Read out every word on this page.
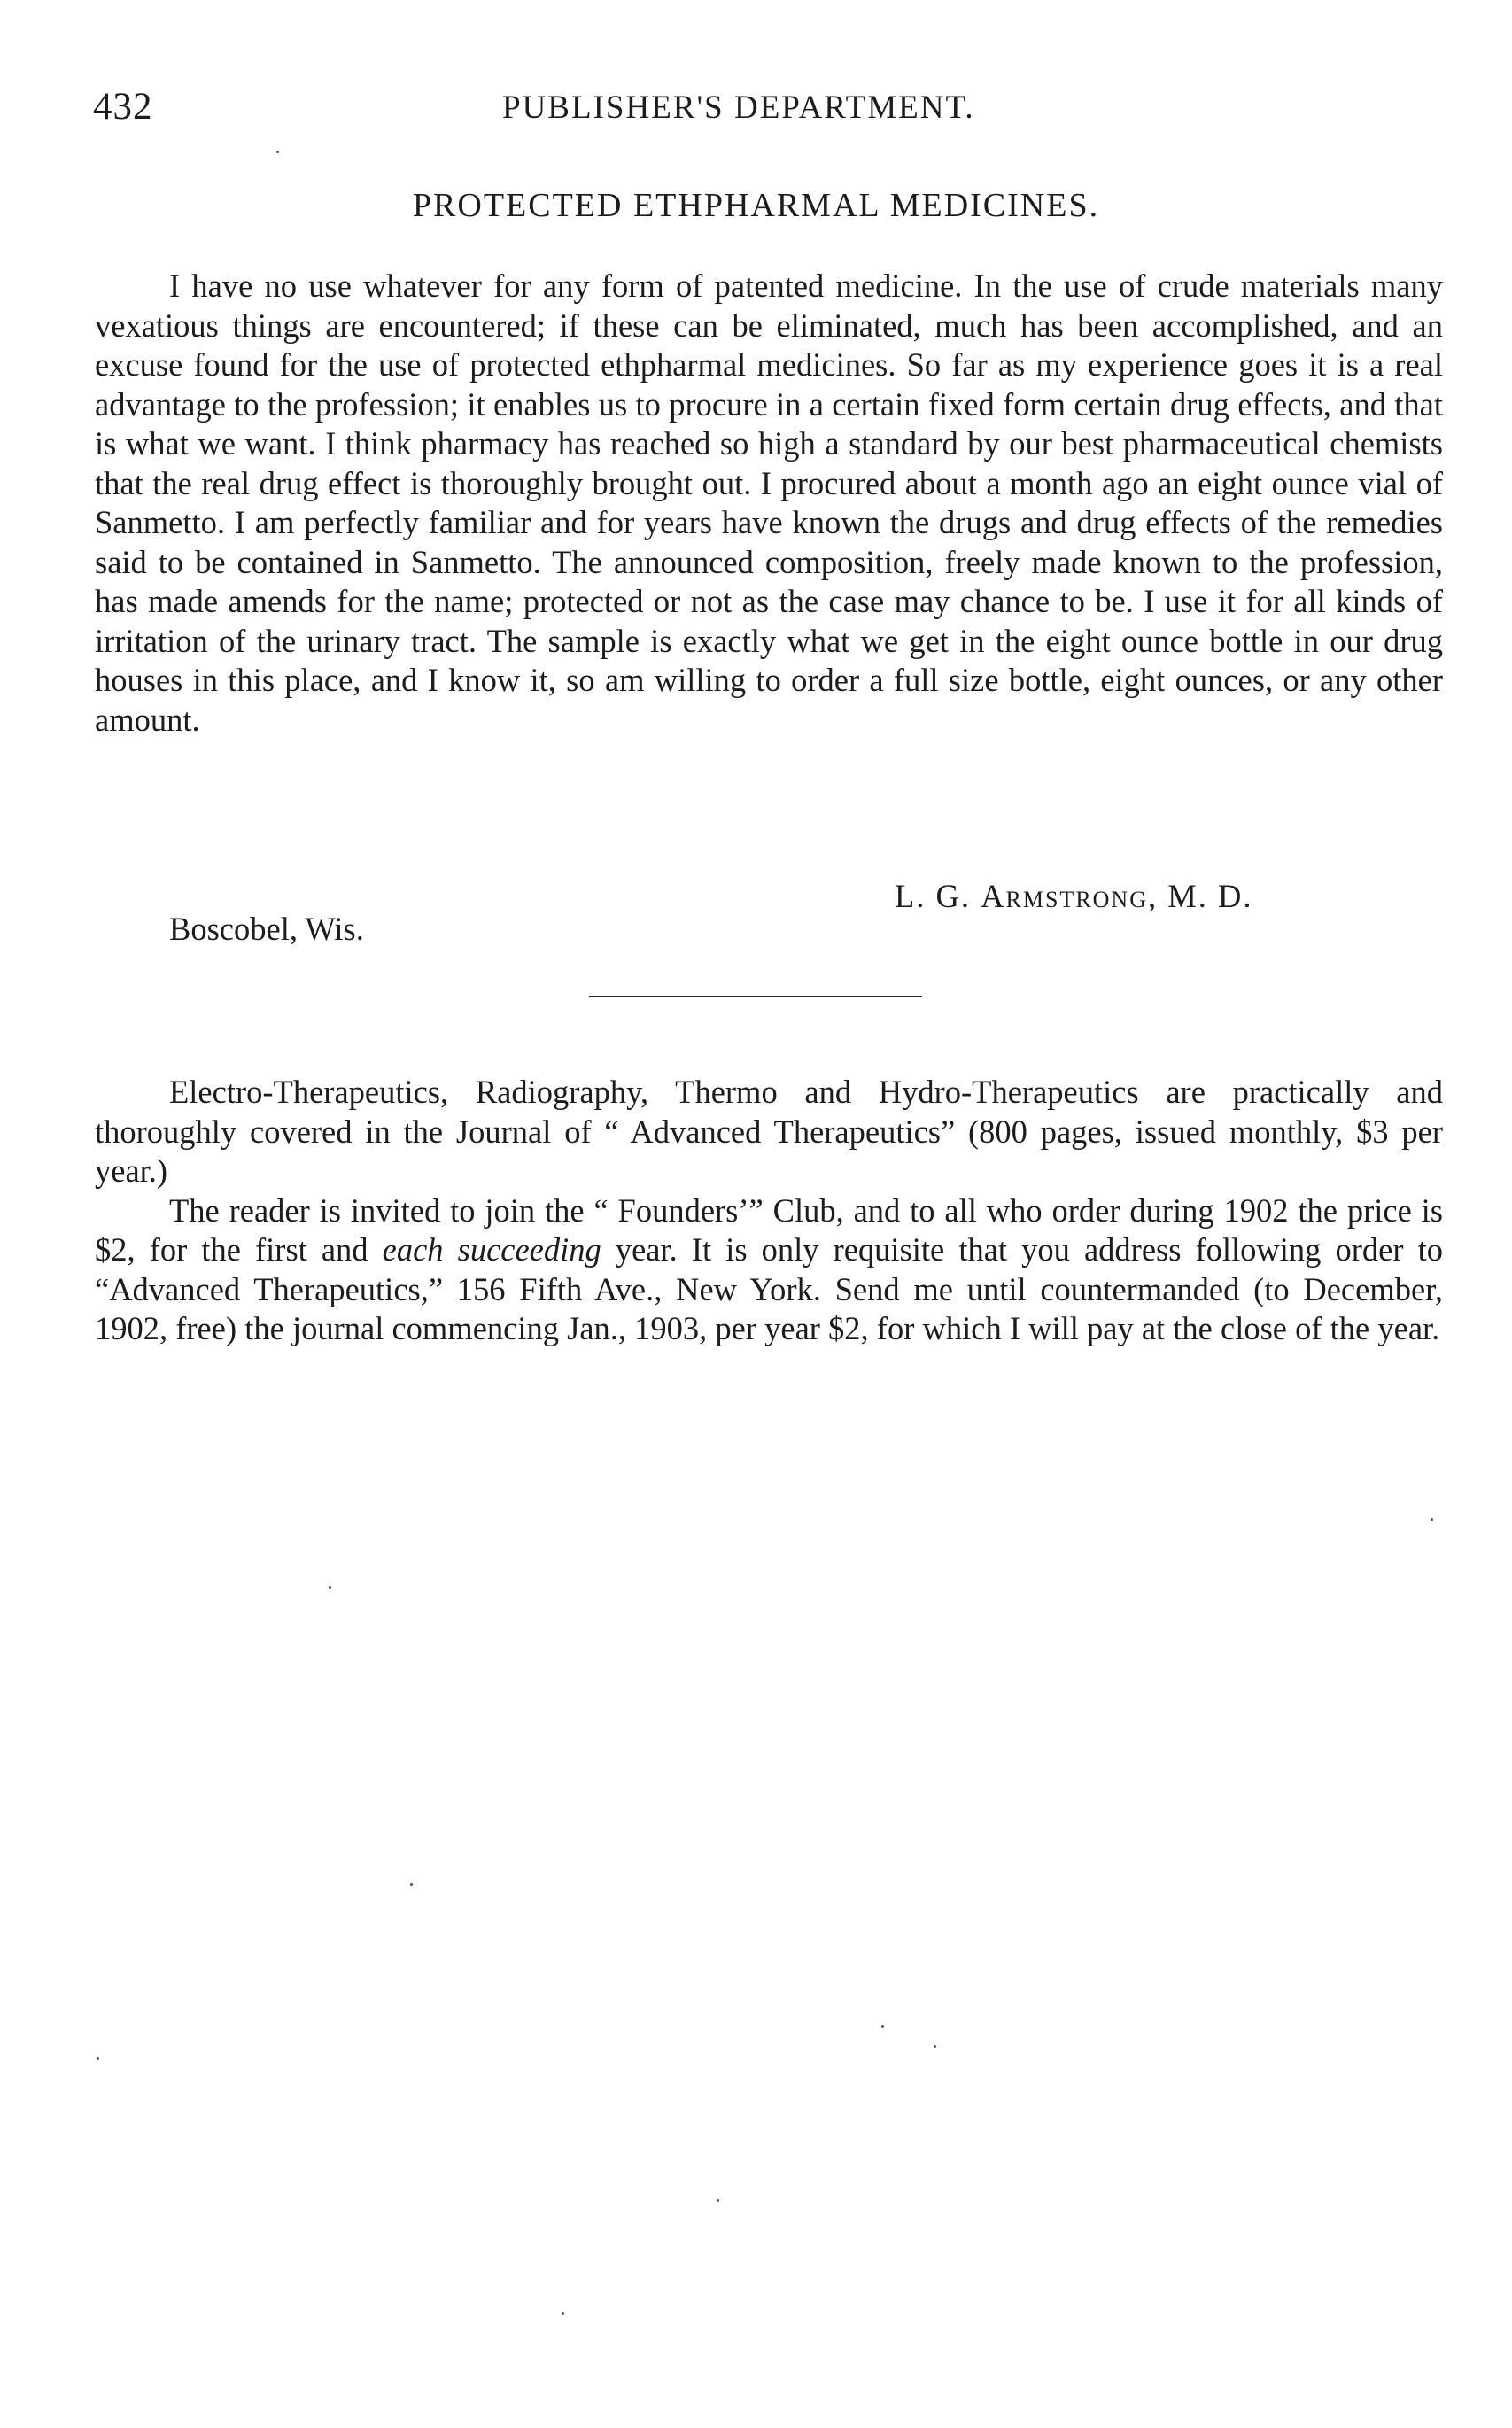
432	PUBLISHER'S DEPARTMENT.
PROTECTED ETHPHARMAL MEDICINES.

I have no use whatever for any form of patented medicine. In the use of crude materials many vexatious things are encountered; if these can be eliminated, much has been accomplished, and an excuse found for the use of protected ethpharmal medicines. So far as my experience goes it is a real advantage to the profession; it enables us to procure in a certain fixed form certain drug effects, and that is what we want. I think pharmacy has reached so high a standard by our best pharmaceutical chemists that the real drug effect is thoroughly brought out. I procured about a month ago an eight ounce vial of Sanmetto. I am perfectly familiar and for years have known the drugs and drug effects of the remedies said to be contained in Sanmetto. The announced composition, freely made known to the profession, has made amends for the name; protected or not as the case may chance to be. I use it for all kinds of irritation of the urinary tract. The sample is exactly what we get in the eight ounce bottle in our drug houses in this place, and I know it, so am willing to order a full size bottle, eight ounces, or any other amount.

L. G. Armstrong, M. D.
Boscobel, Wis.

Electro-Therapeutics, Radiography, Thermo and Hydro-Therapeutics are practically and thoroughly covered in the Journal of “ Advanced Therapeutics” (800 pages, issued monthly, $3 per year.)

The reader is invited to join the “ Founders’” Club, and to all who order during 1902 the price is $2, for the first and each succeeding year. It is only requisite that you address following order to “Advanced Therapeutics,” 156 Fifth Ave., New York. Send me until countermanded (to December, 1902, free) the journal commencing Jan., 1903, per year $2, for which I will pay at the close of the year.
